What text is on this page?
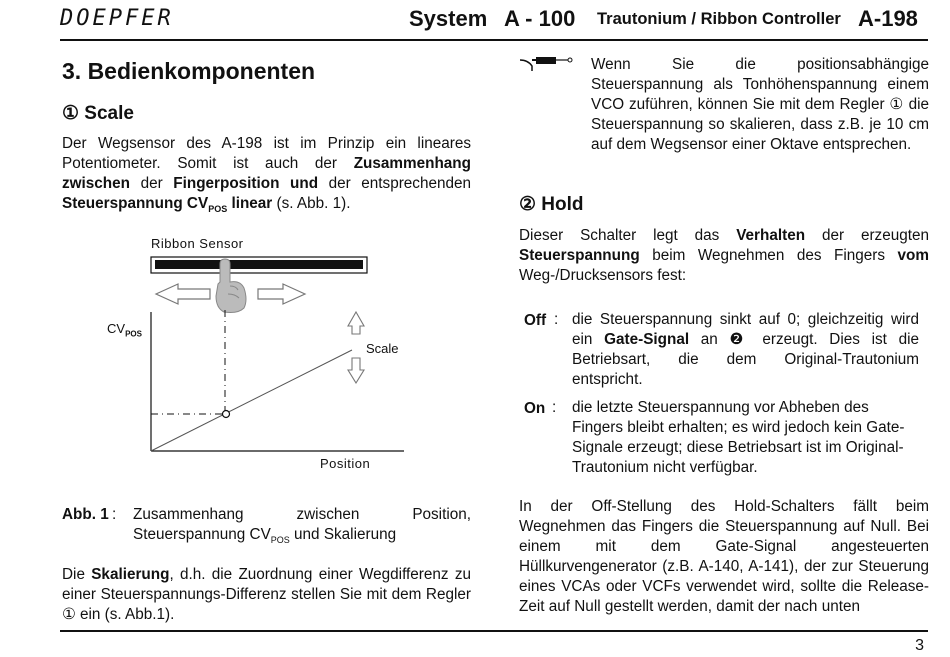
DOEPFER	System A - 100 Trautonium / Ribbon Controller A-198
3. Bedienkomponenten
① Scale
Der Wegsensor des A-198 ist im Prinzip ein lineares Potentiometer. Somit ist auch der Zusammenhang zwischen der Fingerposition und der entsprechenden Steuerspannung $CV_{POS}$ linear (s. Abb. 1).
Ribbon Sensor
$CV_{POS}$
Scale
Position
Abb. 1 : Zusammenhang zwischen Position, Steuerspannung $CV_{POS}$ und Skalierung
Die Skalierung, d.h. die Zuordnung einer Wegdifferenz zu einer Steuerspannungs-Differenz stellen Sie mit dem Regler ① ein (s. Abb.1).
Wenn Sie die positionsabhängige Steuerspannung als Tonhöhenspannung einem VCO zuführen, können Sie mit dem Regler ① die Steuerspannung so skalieren, dass z.B. je 10 cm auf dem Wegsensor einer Oktave entsprechen.
② Hold
Dieser Schalter legt das Verhalten der erzeugten Steuerspannung beim Wegnehmen des Fingers vom Weg-/Drucksensors fest:
Off : die Steuerspannung sinkt auf 0; gleichzeitig wird ein Gate-Signal an ❷ erzeugt. Dies ist die Betriebsart, die dem Original-Trautonium entspricht.
On : die letzte Steuerspannung vor Abheben des Fingers bleibt erhalten; es wird jedoch kein Gate-Signale erzeugt; diese Betriebsart ist im Original-Trautonium nicht verfügbar.
In der Off-Stellung des Hold-Schalters fällt beim Wegnehmen das Fingers die Steuerspannung auf Null. Bei einem mit dem Gate-Signal angesteuerten Hüllkurvengenerator (z.B. A-140, A-141), der zur Steuerung eines VCAs oder VCFs verwendet wird, sollte die Release-Zeit auf Null gestellt werden, damit der nach unten
3
